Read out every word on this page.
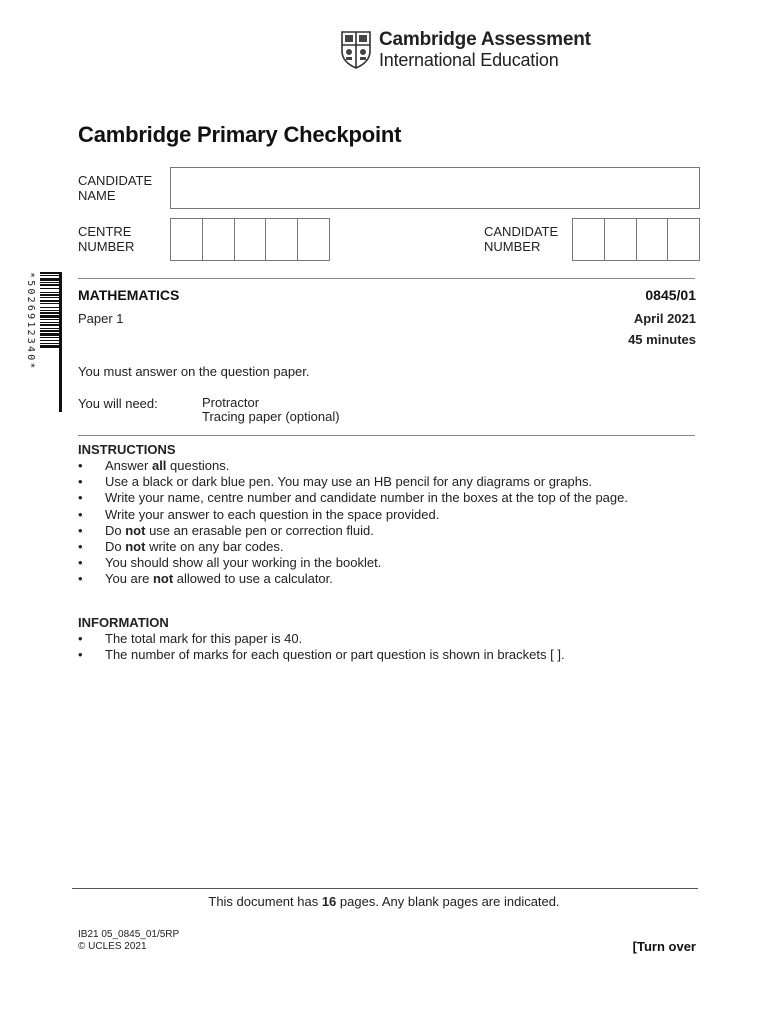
Cambridge Assessment
International Education
Cambridge Primary Checkpoint
CANDIDATE
NAME
CENTRE
NUMBER
CANDIDATE
NUMBER
*5026912340*	MATHEMATICS	0845/01
Paper 1	April 2021
45 minutes
You must answer on the question paper.
You will need:	Protractor
Tracing paper (optional)
INSTRUCTIONS
• Answer all questions.
• Use a black or dark blue pen. You may use an HB pencil for any diagrams or graphs.
• Write your name, centre number and candidate number in the boxes at the top of the page.
• Write your answer to each question in the space provided.
• Do not use an erasable pen or correction fluid.
• Do not write on any bar codes.
• You should show all your working in the booklet.
• You are not allowed to use a calculator.
INFORMATION
• The total mark for this paper is 40.
• The number of marks for each question or part question is shown in brackets [ ].
This document has 16 pages. Any blank pages are indicated.
IB21 05_0845_01/5RP
© UCLES 2021	[Turn over
